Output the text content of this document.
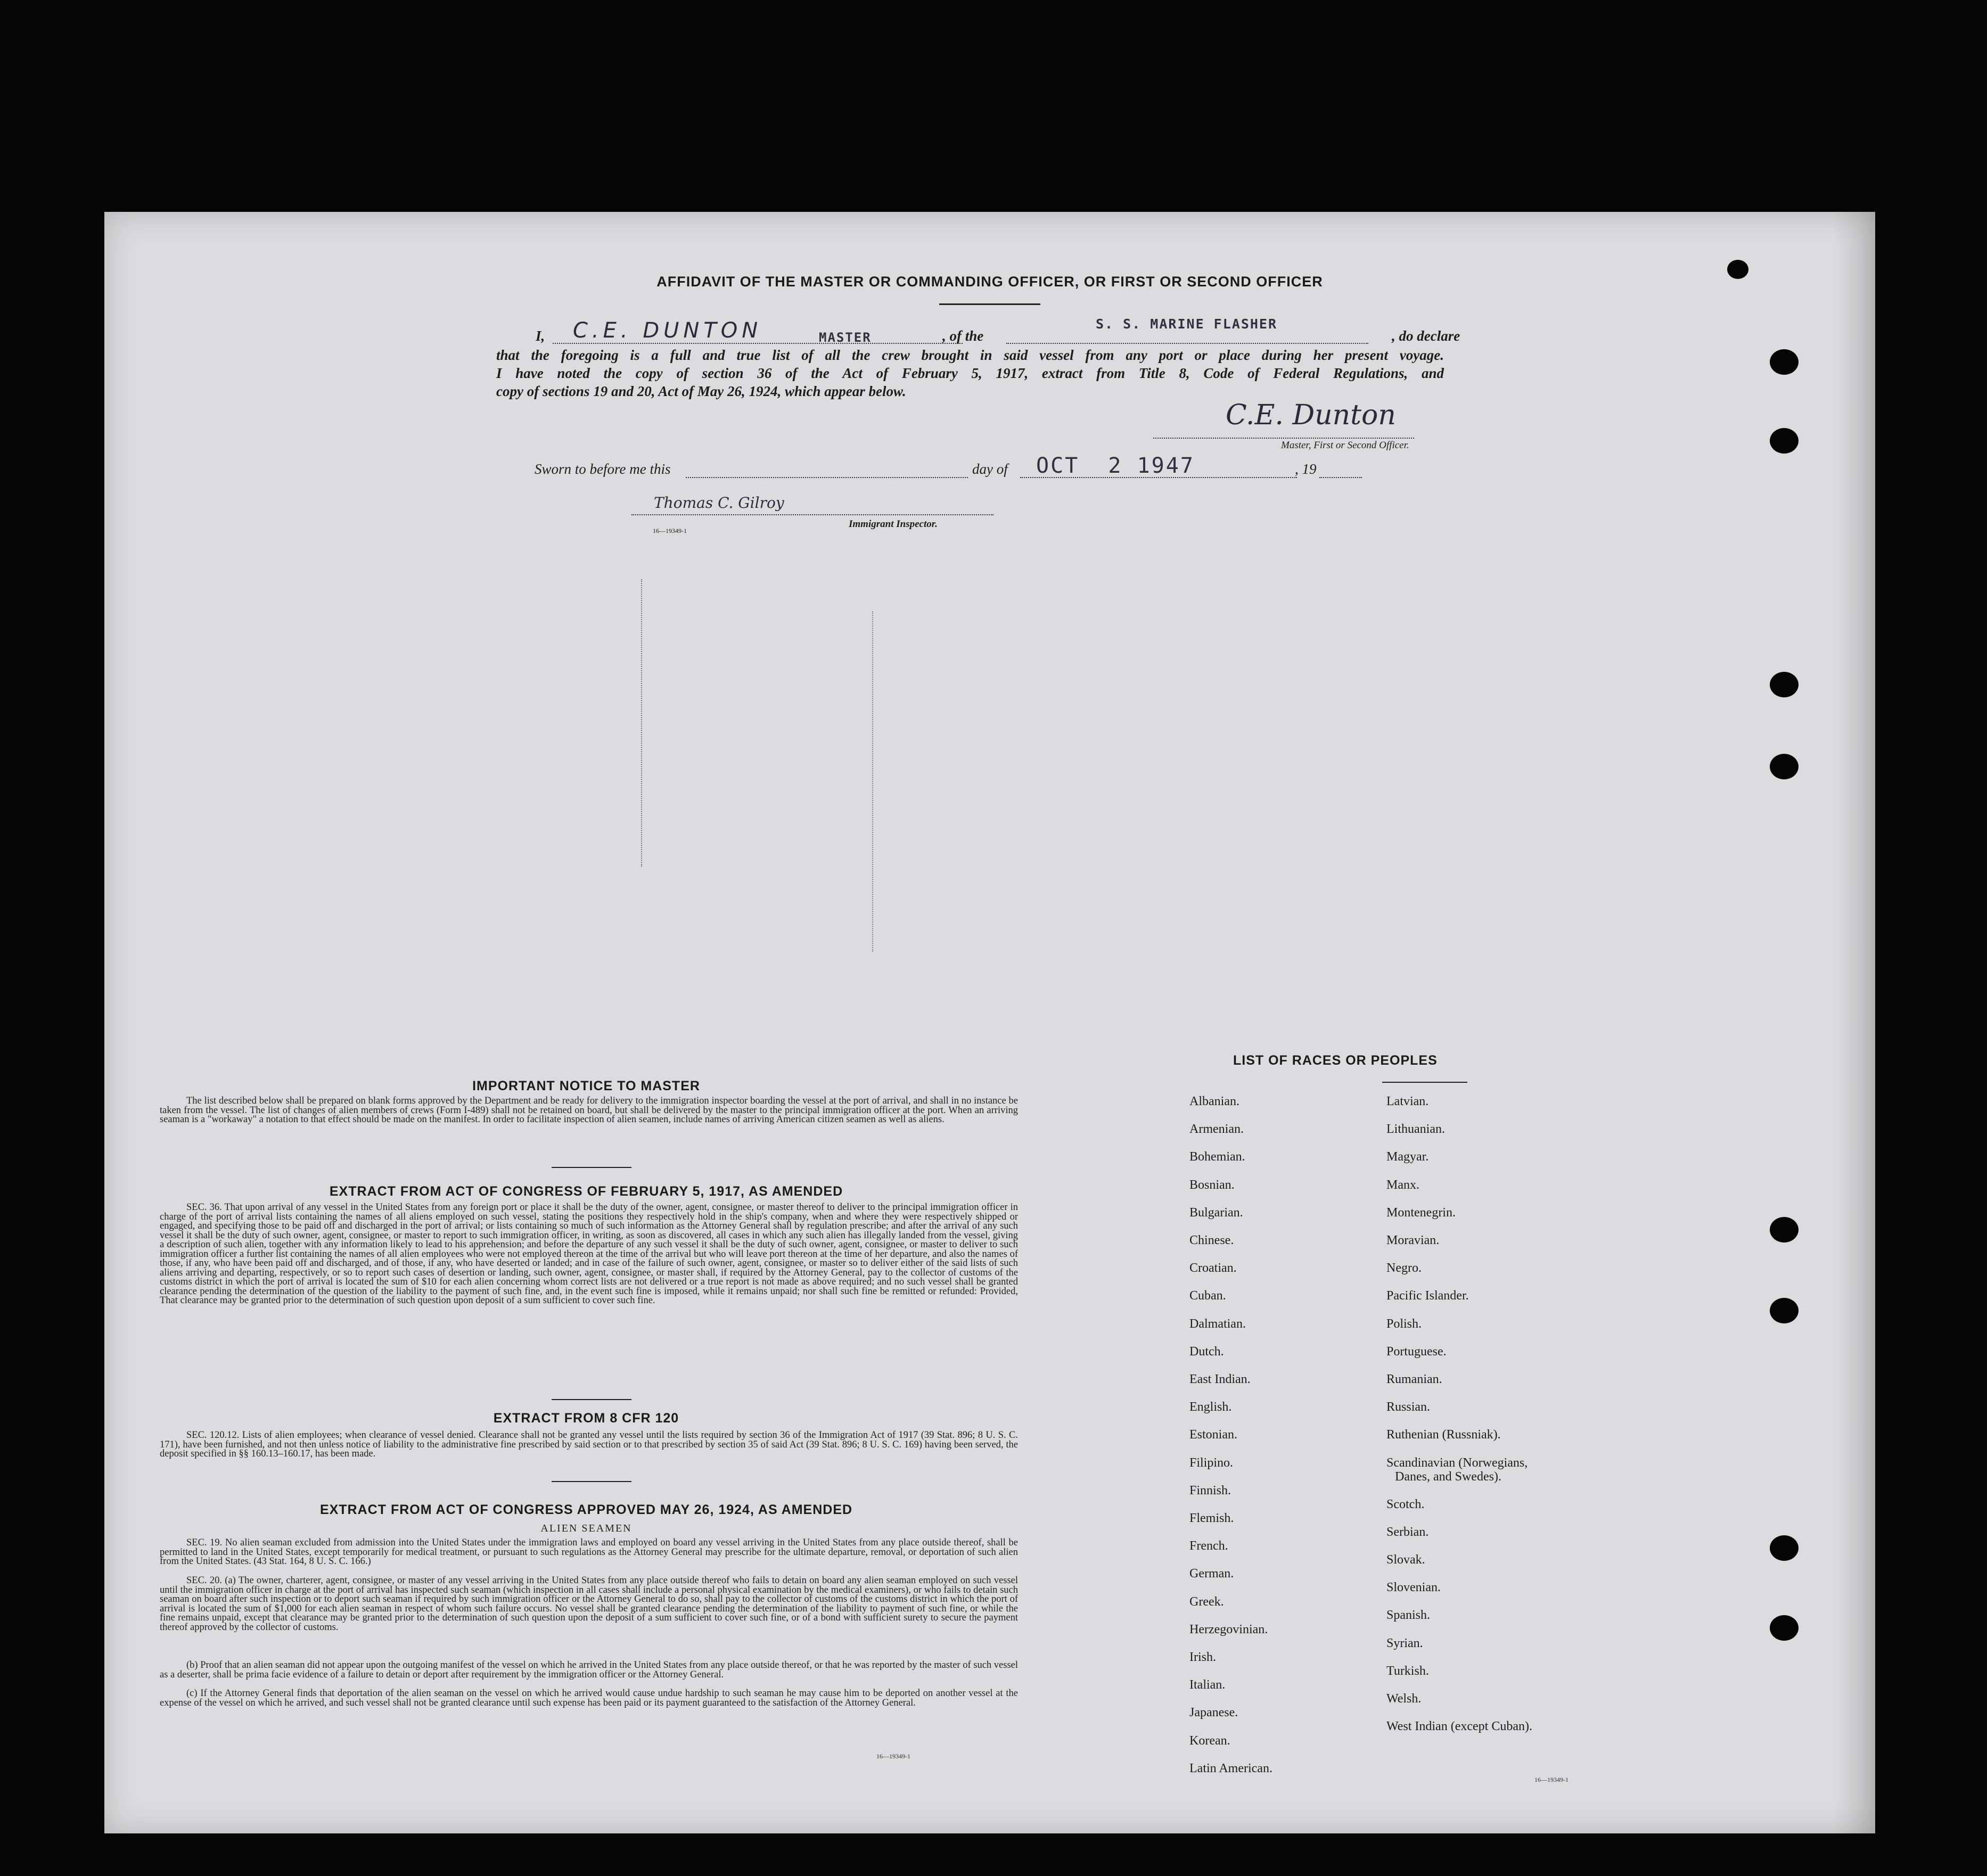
AFFIDAVIT OF THE MASTER OR COMMANDING OFFICER, OR FIRST OR SECOND OFFICER
I, C.E. DUNTON	MASTER	, of the
S. S. MARINE FLASHER
, do declare
that the foregoing is a full and true list of all the crew brought in said vessel from any port or place during her present voyage.
I have noted the copy of section 36 of the Act of February 5, 1917, extract from Title 8, Code of Federal Regulations, and
copy of sections 19 and 20, Act of May 26, 1924, which appear below.
C.E. Dunton
Master, First or Second Officer.
Sworn to before me this	day of OCT  2 1947	, 19
Thomas C. Gilroy
16—19349-1
Immigrant Inspector.
IMPORTANT NOTICE TO MASTER
The list described below shall be prepared on blank forms approved by the Department and be ready for delivery to the immigration inspector boarding the vessel at the port of arrival, and shall in no instance be taken from the vessel. The list of changes of alien members of crews (Form I-489) shall not be retained on board, but shall be delivered by the master to the principal immigration officer at the port. When an arriving seaman is a "workaway" a notation to that effect should be made on the manifest. In order to facilitate inspection of alien seamen, include names of arriving American citizen seamen as well as aliens.
EXTRACT FROM ACT OF CONGRESS OF FEBRUARY 5, 1917, AS AMENDED
SEC. 36. That upon arrival of any vessel in the United States from any foreign port or place it shall be the duty of the owner, agent, consignee, or master thereof to deliver to the principal immigration officer in charge of the port of arrival lists containing the names of all aliens employed on such vessel, stating the positions they respectively hold in the ship's company, when and where they were respectively shipped or engaged, and specifying those to be paid off and discharged in the port of arrival; or lists containing so much of such information as the Attorney General shall by regulation prescribe; and after the arrival of any such vessel it shall be the duty of such owner, agent, consignee, or master to report to such immigration officer, in writing, as soon as discovered, all cases in which any such alien has illegally landed from the vessel, giving a description of such alien, together with any information likely to lead to his apprehension; and before the departure of any such vessel it shall be the duty of such owner, agent, consignee, or master to deliver to such immigration officer a further list containing the names of all alien employees who were not employed thereon at the time of the arrival but who will leave port thereon at the time of her departure, and also the names of those, if any, who have been paid off and discharged, and of those, if any, who have deserted or landed; and in case of the failure of such owner, agent, consignee, or master so to deliver either of the said lists of such aliens arriving and departing, respectively, or so to report such cases of desertion or landing, such owner, agent, consignee, or master shall, if required by the Attorney General, pay to the collector of customs of the customs district in which the port of arrival is located the sum of $10 for each alien concerning whom correct lists are not delivered or a true report is not made as above required; and no such vessel shall be granted clearance pending the determination of the question of the liability to the payment of such fine, and, in the event such fine is imposed, while it remains unpaid; nor shall such fine be remitted or refunded: Provided, That clearance may be granted prior to the determination of such question upon deposit of a sum sufficient to cover such fine.
EXTRACT FROM 8 CFR 120
SEC. 120.12. Lists of alien employees; when clearance of vessel denied. Clearance shall not be granted any vessel until the lists required by section 36 of the Immigration Act of 1917 (39 Stat. 896; 8 U. S. C. 171), have been furnished, and not then unless notice of liability to the administrative fine prescribed by said section or to that prescribed by section 35 of said Act (39 Stat. 896; 8 U. S. C. 169) having been served, the deposit specified in §§ 160.13–160.17, has been made.
EXTRACT FROM ACT OF CONGRESS APPROVED MAY 26, 1924, AS AMENDED
ALIEN SEAMEN
SEC. 19. No alien seaman excluded from admission into the United States under the immigration laws and employed on board any vessel arriving in the United States from any place outside thereof, shall be permitted to land in the United States, except temporarily for medical treatment, or pursuant to such regulations as the Attorney General may prescribe for the ultimate departure, removal, or deportation of such alien from the United States. (43 Stat. 164, 8 U. S. C. 166.)
SEC. 20. (a) The owner, charterer, agent, consignee, or master of any vessel arriving in the United States from any place outside thereof who fails to detain on board any alien seaman employed on such vessel until the immigration officer in charge at the port of arrival has inspected such seaman (which inspection in all cases shall include a personal physical examination by the medical examiners), or who fails to detain such seaman on board after such inspection or to deport such seaman if required by such immigration officer or the Attorney General to do so, shall pay to the collector of customs of the customs district in which the port of arrival is located the sum of $1,000 for each alien seaman in respect of whom such failure occurs. No vessel shall be granted clearance pending the determination of the liability to payment of such fine, or while the fine remains unpaid, except that clearance may be granted prior to the determination of such question upon the deposit of a sum sufficient to cover such fine, or of a bond with sufficient surety to secure the payment thereof approved by the collector of customs.
(b) Proof that an alien seaman did not appear upon the outgoing manifest of the vessel on which he arrived in the United States from any place outside thereof, or that he was reported by the master of such vessel as a deserter, shall be prima facie evidence of a failure to detain or deport after requirement by the immigration officer or the Attorney General.
(c) If the Attorney General finds that deportation of the alien seaman on the vessel on which he arrived would cause undue hardship to such seaman he may cause him to be deported on another vessel at the expense of the vessel on which he arrived, and such vessel shall not be granted clearance until such expense has been paid or its payment guaranteed to the satisfaction of the Attorney General.
16—19349-1
LIST OF RACES OR PEOPLES
16—19349-1
Albanian.
Armenian.
Bohemian.
Bosnian.
Bulgarian.
Chinese.
Croatian.
Cuban.
Dalmatian.
Dutch.
East Indian.
English.
Estonian.
Filipino.
Finnish.
Flemish.
French.
German.
Greek.
Herzegovinian.
Irish.
Italian.
Japanese.
Korean.
Latin American.
Latvian.
Lithuanian.
Magyar.
Manx.
Montenegrin.
Moravian.
Negro.
Pacific Islander.
Polish.
Portuguese.
Rumanian.
Russian.
Ruthenian (Russniak).
Scandinavian (Norwegians,
Danes, and Swedes).
Scotch.
Serbian.
Slovak.
Slovenian.
Spanish.
Syrian.
Turkish.
Welsh.
West Indian (except Cuban).
